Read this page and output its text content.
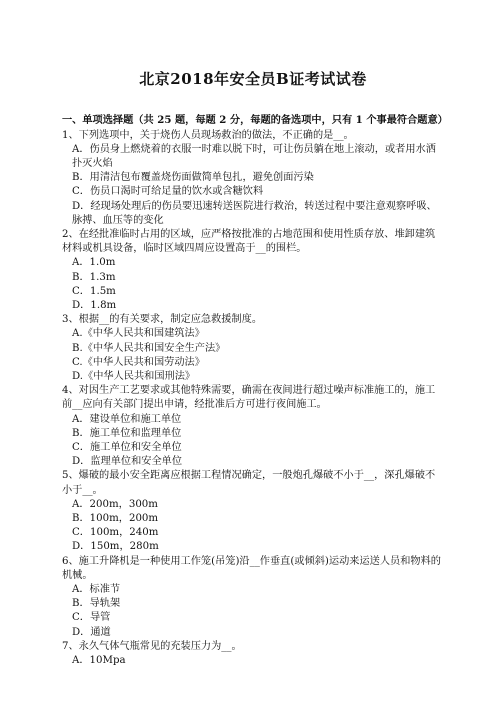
北京2018年安全员B证考试试卷

一、单项选择题（共 25 题，每题 2 分，每题的备选项中，只有 1 个事最符合题意）

1、下列选项中，关于烧伤人员现场救治的做法，不正确的是__。

A．伤员身上燃烧着的衣服一时难以脱下时，可让伤员躺在地上滚动，或者用水洒扑灭火焰

B．用清洁包布覆盖烧伤面做简单包扎，避免创面污染

C．伤员口渴时可给足量的饮水或含糖饮料

D．经现场处理后的伤员要迅速转送医院进行救治，转送过程中要注意观察呼吸、脉搏、血压等的变化

2、在经批准临时占用的区域，应严格按批准的占地范围和使用性质存放、堆卸建筑材料或机具设备，临时区域四周应设置高于__的围栏。

A．1.0m

B．1.3m

C．1.5m

D．1.8m

3、根据__的有关要求，制定应急救援制度。

A.《中华人民共和国建筑法》

B.《中华人民共和国安全生产法》

C.《中华人民共和国劳动法》

D.《中华人民共和国刑法》

4、对因生产工艺要求或其他特殊需要，确需在夜间进行超过噪声标准施工的，施工前__应向有关部门提出申请，经批准后方可进行夜间施工。

A．建设单位和施工单位

B．施工单位和监理单位

C．施工单位和安全单位

D．监理单位和安全单位

5、爆破的最小安全距离应根据工程情况确定，一般炮孔爆破不小于__，深孔爆破不小于__。

A．200m，300m

B．100m，200m

C．100m，240m

D．150m，280m

6、施工升降机是一种使用工作笼(吊笼)沿__作垂直(或倾斜)运动来运送人员和物料的机械。

A．标准节

B．导轨架

C．导管

D．通道

7、永久气体气瓶常见的充装压力为__。

A．10Mpa
